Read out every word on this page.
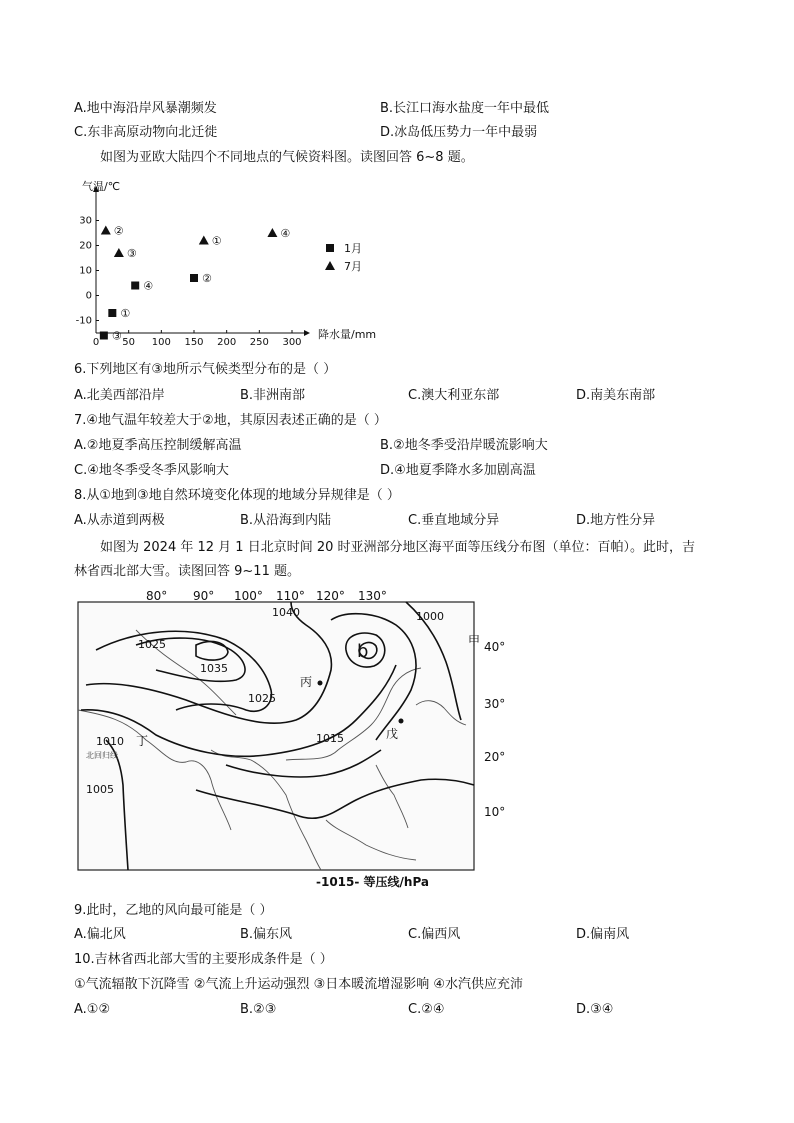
A.地中海沿岸风暴潮频发	B.长江口海水盐度一年中最低
C.东非高原动物向北迁徙	D.冰岛低压势力一年中最弱
如图为亚欧大陆四个不同地点的气候资料图。读图回答 6~8 题。
0 50 100 150 200 250 300
30
20
10
0
-10
气温/℃
降水量/mm
①
②
③
④
①
②
③
④
1月
7月
6.下列地区有③地所示气候类型分布的是（ ）
A.北美西部沿岸	B.非洲南部	C.澳大利亚东部	D.南美东南部
7.④地气温年较差大于②地，其原因表述正确的是（ ）
A.②地夏季高压控制缓解高温	B.②地冬季受沿岸暖流影响大
C.④地冬季受冬季风影响大	D.④地夏季降水多加剧高温
8.从①地到③地自然环境变化体现的地域分异规律是（ ）
A.从赤道到两极	B.从沿海到内陆	C.垂直地域分异	D.地方性分异
如图为 2024 年 12 月 1 日北京时间 20 时亚洲部分地区海平面等压线分布图（单位：百帕）。此时，吉
林省西北部大雪。读图回答 9~11 题。
80° 90° 100° 110° 120° 130°
40°
30°
20°
10°
1040
1035
1025
1025
1015
1010
1005
1000
丙
戊
甲
丁
b
北回归线
-1015- 等压线/hPa
9.此时，乙地的风向最可能是（ ）
A.偏北风	B.偏东风	C.偏西风	D.偏南风
10.吉林省西北部大雪的主要形成条件是（ ）
①气流辐散下沉降雪 ②气流上升运动强烈 ③日本暖流增湿影响 ④水汽供应充沛
A.①②	B.②③	C.②④	D.③④
